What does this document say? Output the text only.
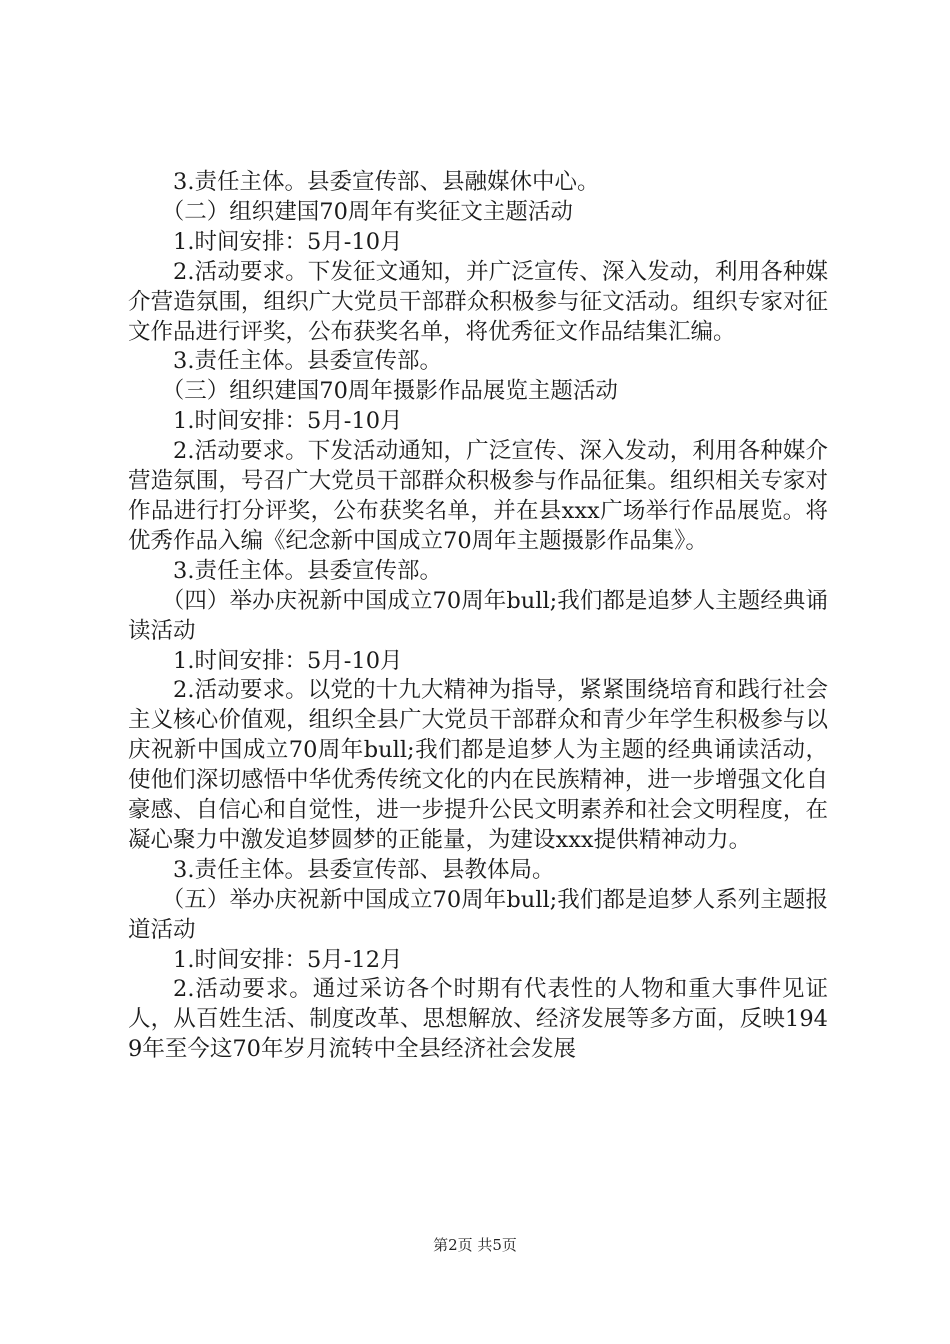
3.责任主体。县委宣传部、县融媒休中心。

（二）组织建国70周年有奖征文主题活动

1.时间安排：5月-10月

2.活动要求。下发征文通知，并广泛宣传、深入发动，利用各种媒介营造氛围，组织广大党员干部群众积极参与征文活动。组织专家对征文作品进行评奖，公布获奖名单，将优秀征文作品结集汇编。

3.责任主体。县委宣传部。

（三）组织建国70周年摄影作品展览主题活动

1.时间安排：5月-10月

2.活动要求。下发活动通知，广泛宣传、深入发动，利用各种媒介营造氛围，号召广大党员干部群众积极参与作品征集。组织相关专家对作品进行打分评奖，公布获奖名单，并在县xxx广场举行作品展览。将优秀作品入编《纪念新中国成立70周年主题摄影作品集》。

3.责任主体。县委宣传部。

（四）举办庆祝新中国成立70周年bull;我们都是追梦人主题经典诵读活动

1.时间安排：5月-10月

2.活动要求。以党的十九大精神为指导，紧紧围绕培育和践行社会主义核心价值观，组织全县广大党员干部群众和青少年学生积极参与以庆祝新中国成立70周年bull;我们都是追梦人为主题的经典诵读活动，使他们深切感悟中华优秀传统文化的内在民族精神，进一步增强文化自豪感、自信心和自觉性，进一步提升公民文明素养和社会文明程度，在凝心聚力中激发追梦圆梦的正能量，为建设xxx提供精神动力。

3.责任主体。县委宣传部、县教体局。

（五）举办庆祝新中国成立70周年bull;我们都是追梦人系列主题报道活动

1.时间安排：5月-12月

2.活动要求。通过采访各个时期有代表性的人物和重大事件见证人，从百姓生活、制度改革、思想解放、经济发展等多方面，反映1949年至今这70年岁月流转中全县经济社会发展

第2页 共5页
